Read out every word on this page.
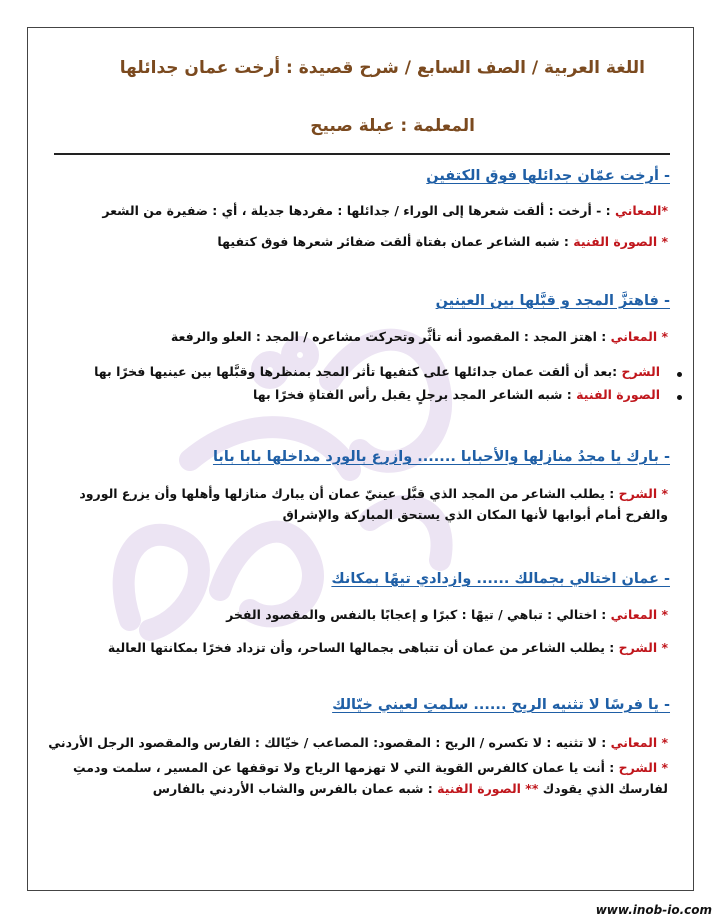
اللغة العربية / الصف السابع / شرح قصيدة : أرخت عمان جدائلها
المعلمة : عبلة صبيح
- أرخت عمّان جدائلها فوق الكتفين
*المعاني : - أرخت : ألقت شعرها إلى الوراء / جدائلها : مفردها جديلة ، أي : ضفيرة من الشعر
* الصورة الفنية : شبه الشاعر عمان بفتاة ألقت ضفائر شعرها فوق كتفيها
- فاهتزَّ المجد و قبَّلها بين العينين
* المعاني : اهتز المجد : المقصود أنه تأثَّر وتحركت مشاعره / المجد : العلو والرفعة
الشرح :بعد أن ألقت عمان جدائلها على كتفيها تأثر المجد بمنظرها وقبَّلها بين عينيها فخرًا بها
الصورة الفنية : شبه الشاعر المجد برجلٍ يقبل رأس الفتاةِ فخرًا بها
- بارك يا مجدُ منازلها والأحبابا ....... وازرع بالورد مداخلها بابا بابا
* الشرح : يطلب الشاعر من المجد الذي قبَّل عينيّ عمان أن يبارك منازلها وأهلها وأن يزرع الورود والفرح أمام أبوابها لأنها المكان الذي يستحق المباركة والإشراق
- عمان اختالي بجمالك ...... وازدادي تيهًا بمكانك
* المعاني : اختالي : تباهي / تيهًا : كبرًا و إعجابًا بالنفس والمقصود الفخر
* الشرح : يطلب الشاعر من عمان أن تتباهى بجمالها الساحر، وأن تزداد فخرًا بمكانتها العالية
- يا فرسًا لا تثنيه الريح ...... سلمتِ لعيني خيّالك
* المعاني : لا تثنيه : لا تكسره / الريح : المقصود: المصاعب / خيّالك : الفارس والمقصود الرجل الأردني
* الشرح : أنت يا عمان كالفرس القوية التي لا تهزمها الرياح ولا توقفها عن المسير ، سلمت ودمتِ لفارسك الذي يقودك ** الصورة الفنية : شبه عمان بالفرس والشاب الأردني بالفارس
www.inob-io.com
